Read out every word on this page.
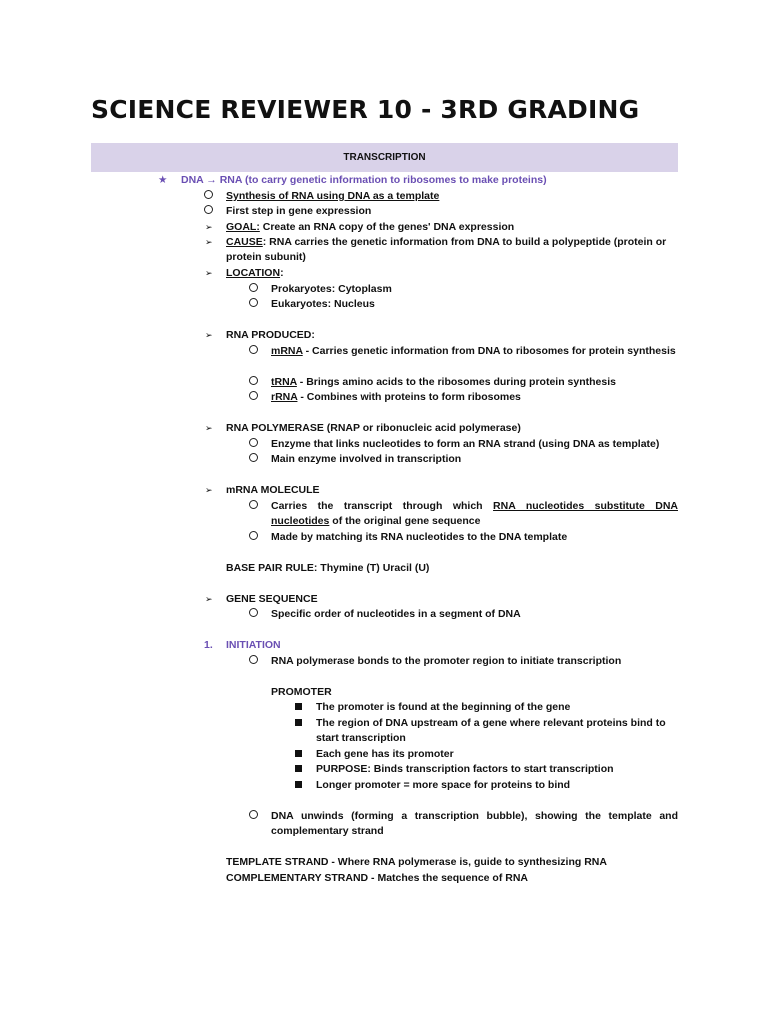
SCIENCE REVIEWER 10 - 3RD GRADING
TRANSCRIPTION
★ DNA → RNA (to carry genetic information to ribosomes to make proteins)
Synthesis of RNA using DNA as a template
First step in gene expression
➢ GOAL: Create an RNA copy of the genes' DNA expression
➢ CAUSE: RNA carries the genetic information from DNA to build a polypeptide (protein or protein subunit)
➢ LOCATION:
Prokaryotes: Cytoplasm
Eukaryotes: Nucleus
➢ RNA PRODUCED:
mRNA - Carries genetic information from DNA to ribosomes for protein synthesis
tRNA - Brings amino acids to the ribosomes during protein synthesis
rRNA - Combines with proteins to form ribosomes
➢ RNA POLYMERASE (RNAP or ribonucleic acid polymerase)
Enzyme that links nucleotides to form an RNA strand (using DNA as template)
Main enzyme involved in transcription
➢ mRNA MOLECULE
Carries the transcript through which RNA nucleotides substitute DNA nucleotides of the original gene sequence
Made by matching its RNA nucleotides to the DNA template
BASE PAIR RULE: Thymine (T) Uracil (U)
➢ GENE SEQUENCE
Specific order of nucleotides in a segment of DNA
1. INITIATION
RNA polymerase bonds to the promoter region to initiate transcription
PROMOTER
The promoter is found at the beginning of the gene
The region of DNA upstream of a gene where relevant proteins bind to start transcription
Each gene has its promoter
PURPOSE: Binds transcription factors to start transcription
Longer promoter = more space for proteins to bind
DNA unwinds (forming a transcription bubble), showing the template and complementary strand
TEMPLATE STRAND - Where RNA polymerase is, guide to synthesizing RNA
COMPLEMENTARY STRAND - Matches the sequence of RNA
